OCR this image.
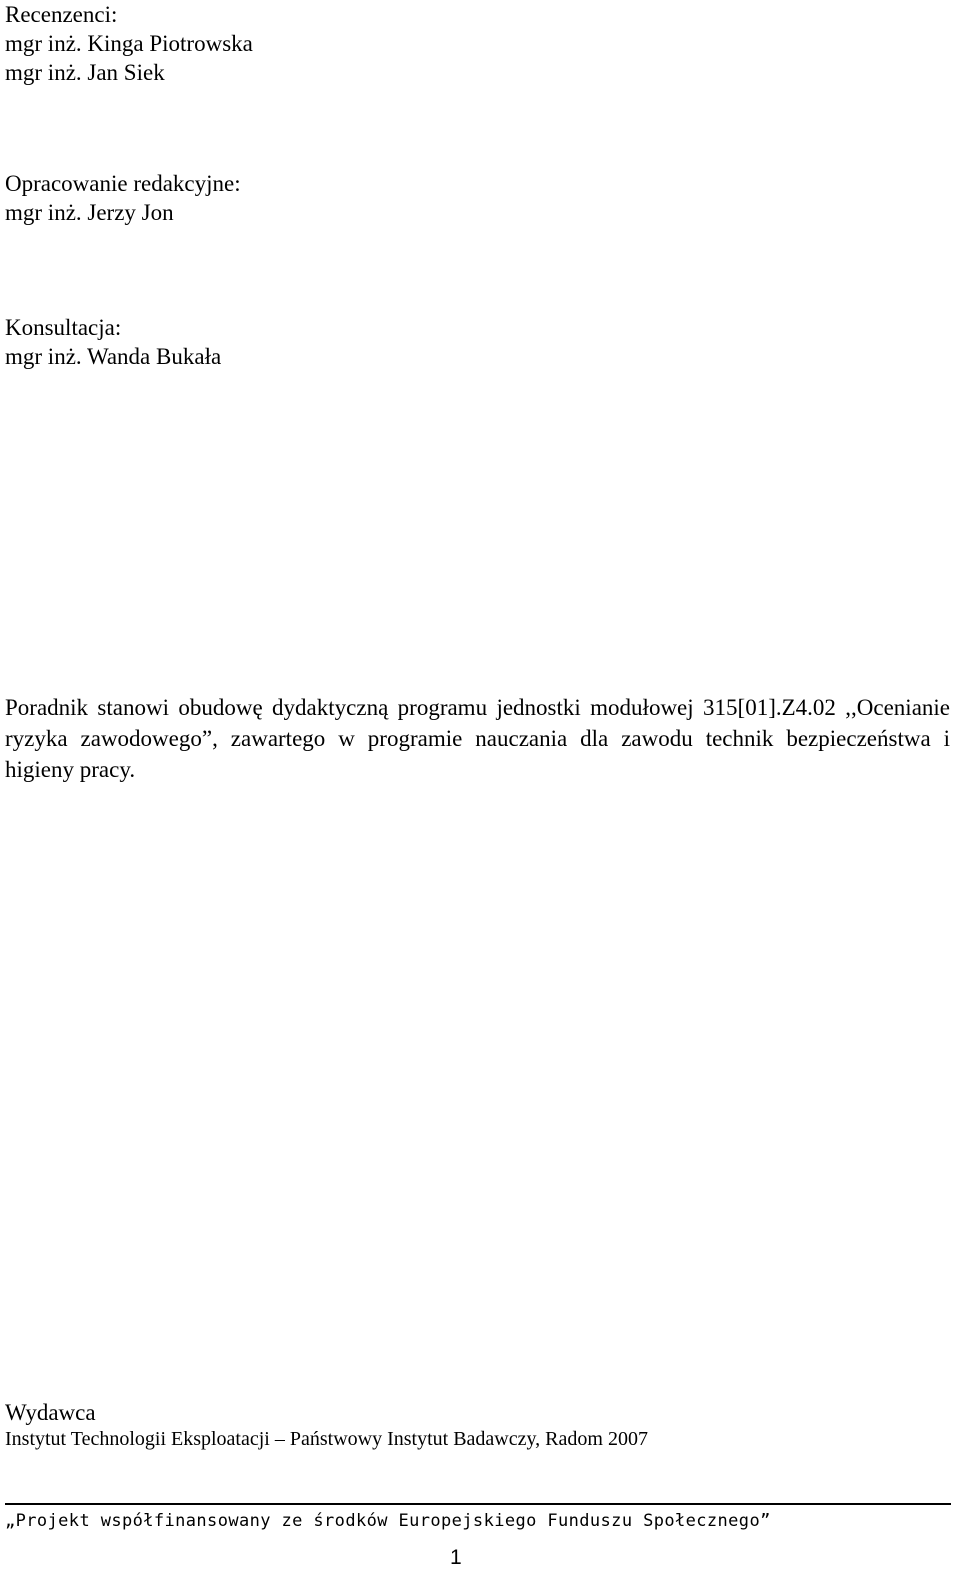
Recenzenci:
mgr inż. Kinga Piotrowska
mgr inż. Jan Siek
Opracowanie redakcyjne:
mgr inż. Jerzy Jon
Konsultacja:
mgr inż. Wanda Bukała

Poradnik stanowi obudowę dydaktyczną programu jednostki modułowej 315[01].Z4.02 ,,Ocenianie ryzyka zawodowego”, zawartego w programie nauczania dla zawodu technik bezpieczeństwa i higieny pracy.

Wydawca
Instytut Technologii Eksploatacji – Państwowy Instytut Badawczy, Radom 2007
„Projekt współfinansowany ze środków Europejskiego Funduszu Społecznego”
1
